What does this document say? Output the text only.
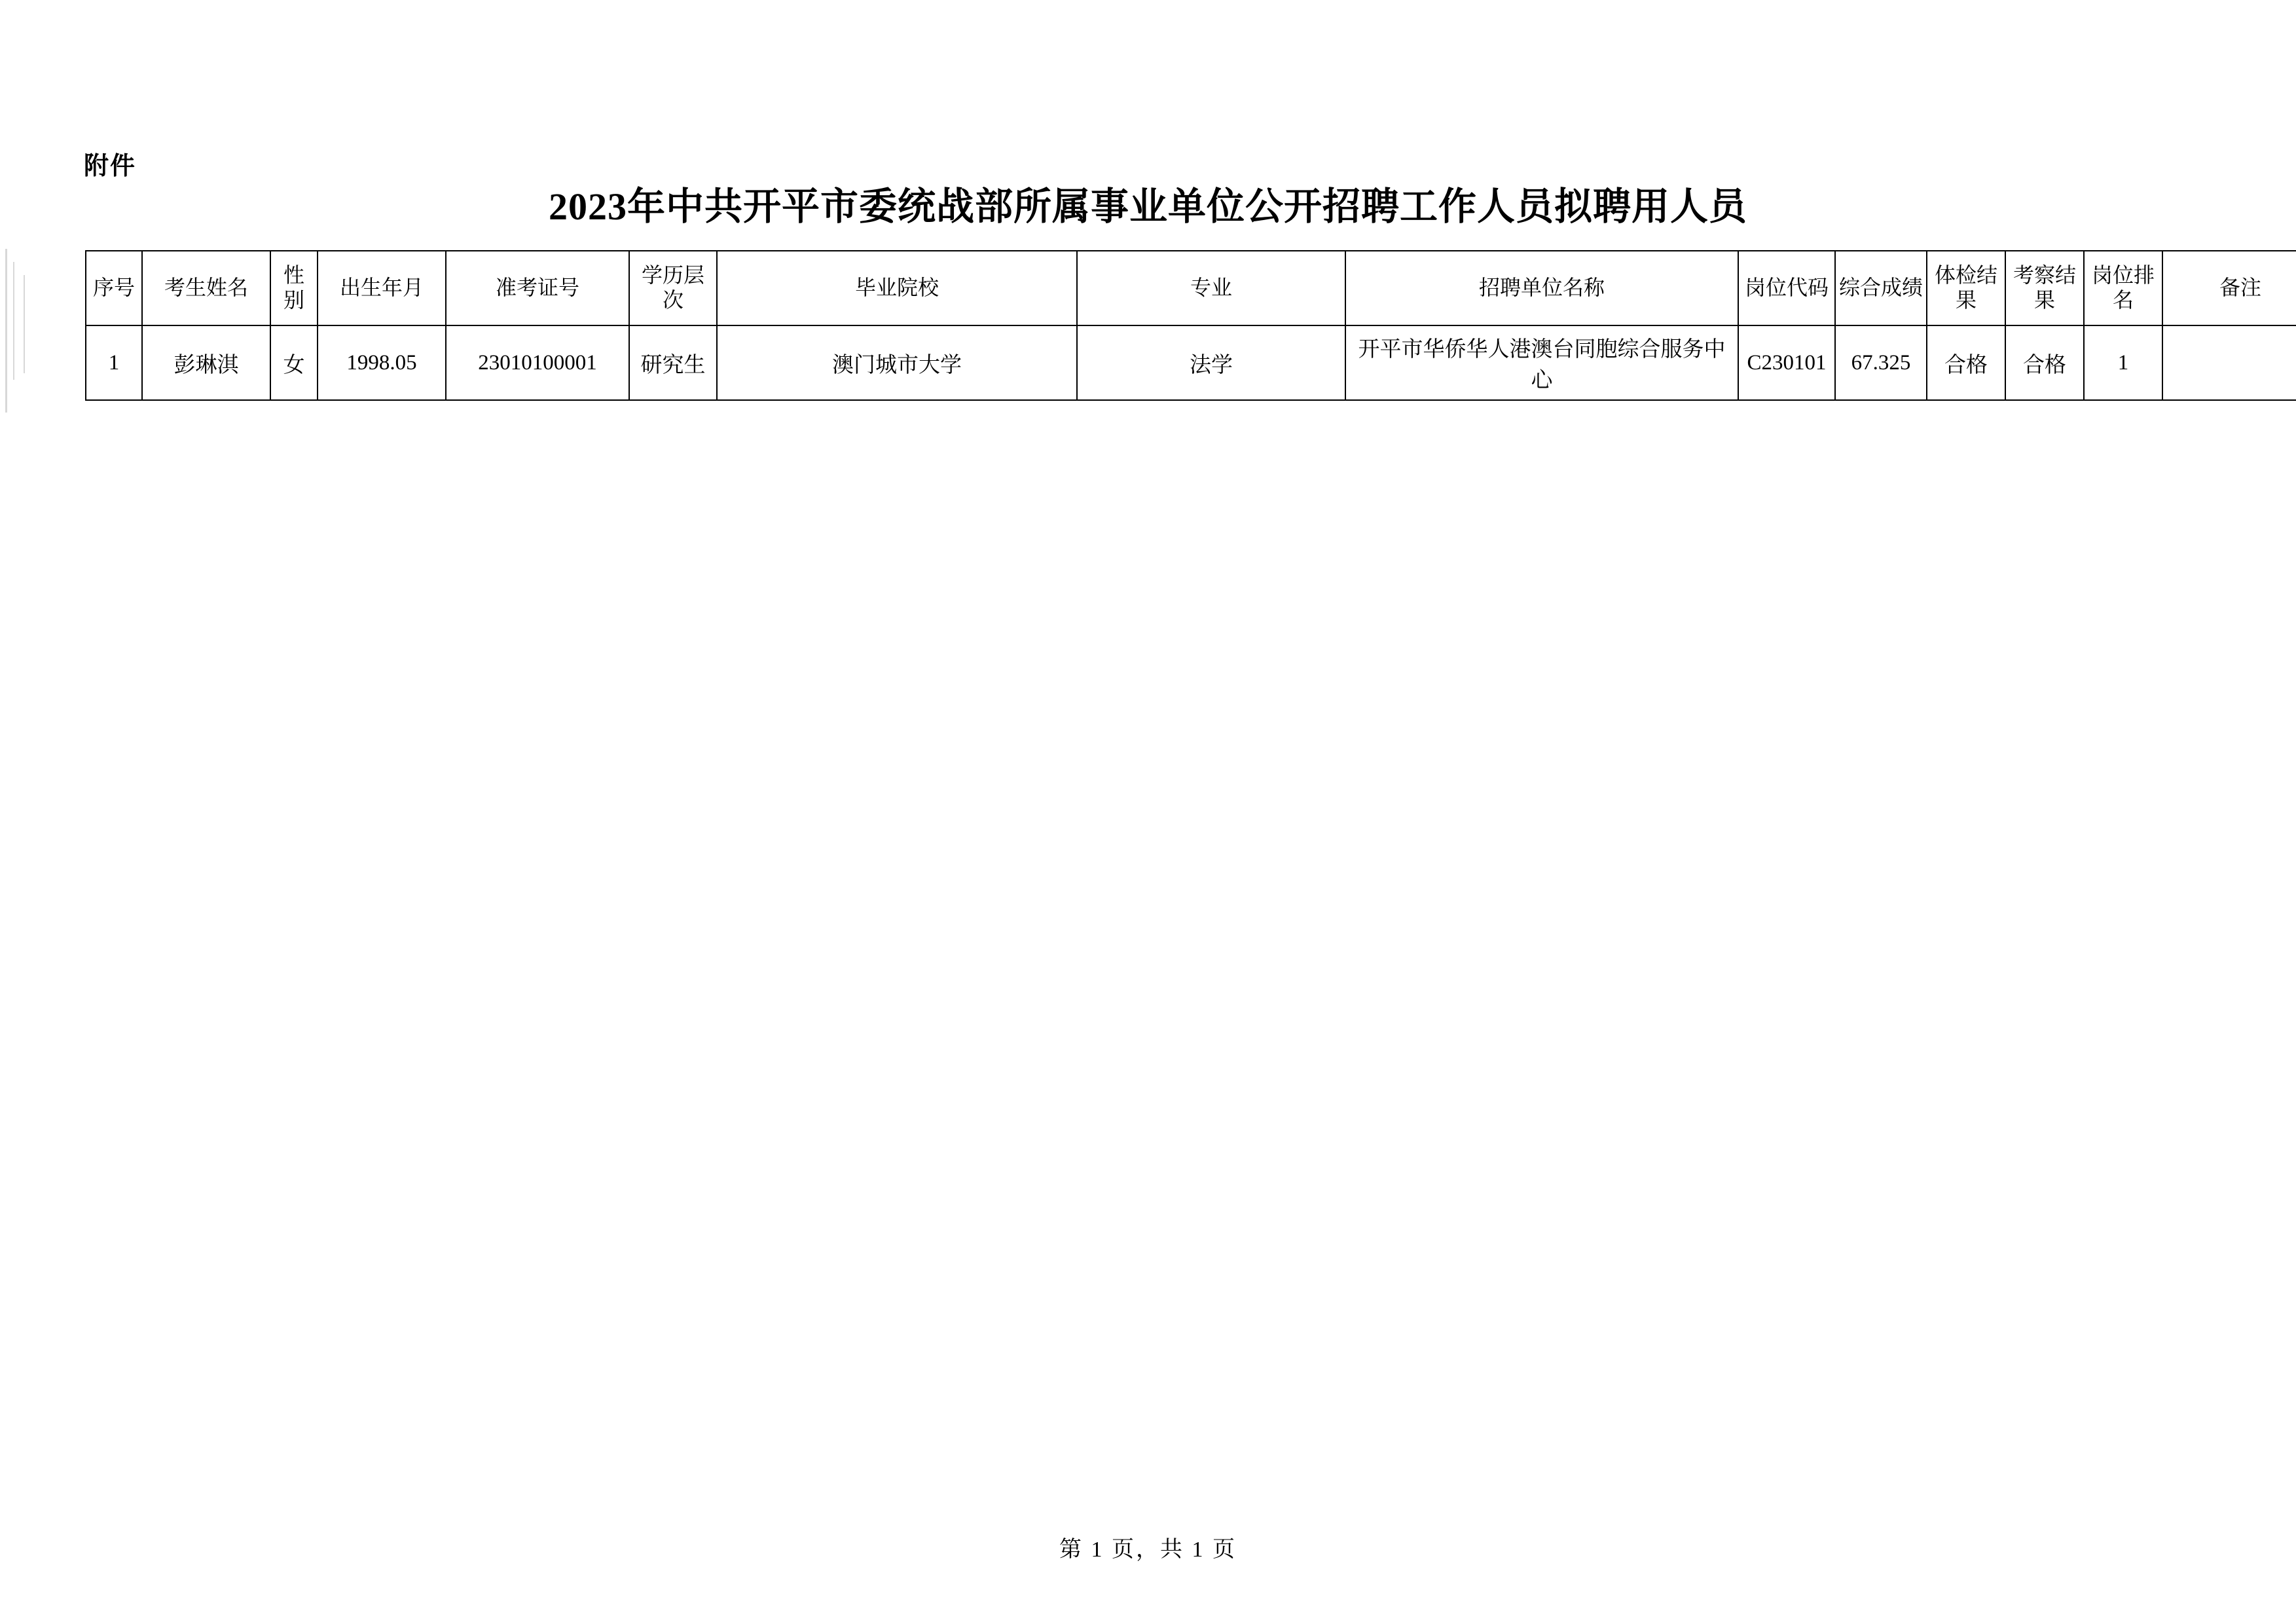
附件
2023年中共开平市委统战部所属事业单位公开招聘工作人员拟聘用人员
序号	考生姓名	性别	出生年月	准考证号	学历层次	毕业院校	专业	招聘单位名称	岗位代码	综合成绩	体检结果	考察结果	岗位排名	备注
1	彭琳淇	女	1998.05	23010100001	研究生	澳门城市大学	法学	开平市华侨华人港澳台同胞综合服务中心	C230101	67.325	合格	合格	1	
第 1 页，共 1 页
